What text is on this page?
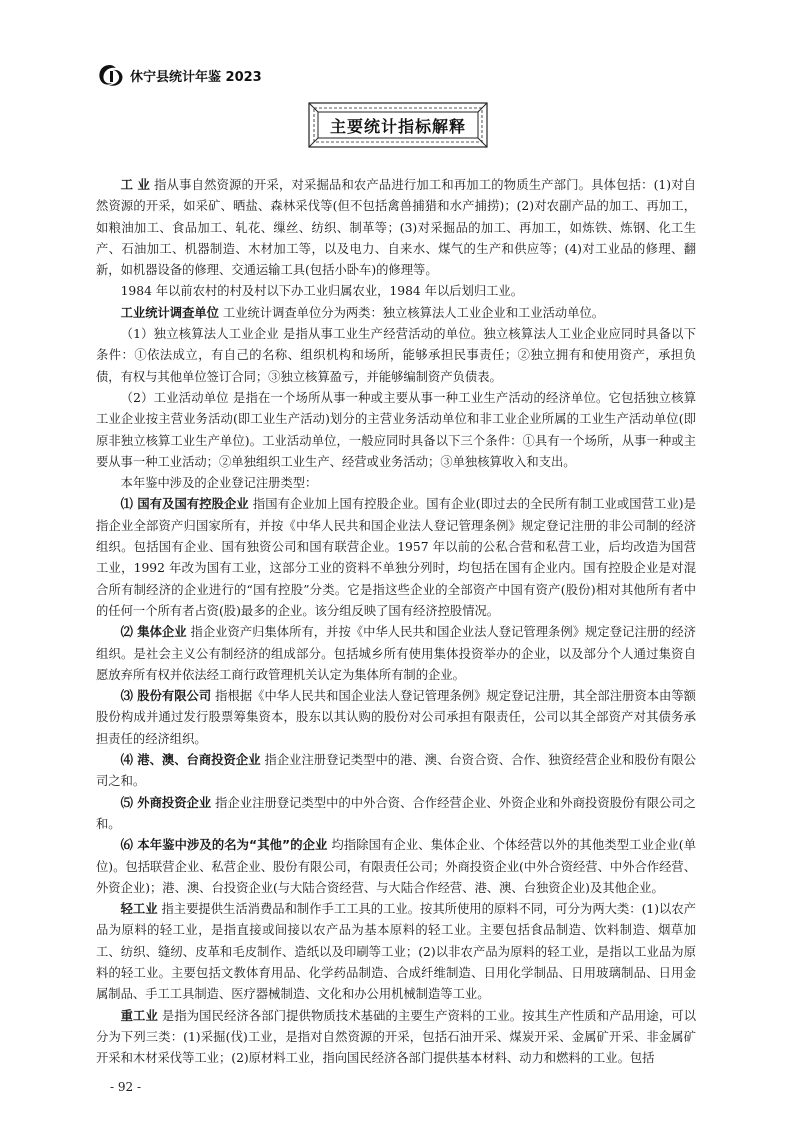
休宁县统计年鉴 2023
主要统计指标解释

工 业 指从事自然资源的开采，对采掘品和农产品进行加工和再加工的物质生产部门。具体包括：(1)对自然资源的开采，如采矿、晒盐、森林采伐等(但不包括禽兽捕猎和水产捕捞)；(2)对农副产品的加工、再加工，如粮油加工、食品加工、轧花、缫丝、纺织、制革等；(3)对采掘品的加工、再加工，如炼铁、炼钢、化工生产、石油加工、机器制造、木材加工等，以及电力、自来水、煤气的生产和供应等；(4)对工业品的修理、翻新，如机器设备的修理、交通运输工具(包括小卧车)的修理等。

1984 年以前农村的村及村以下办工业归属农业，1984 年以后划归工业。

工业统计调查单位 工业统计调查单位分为两类：独立核算法人工业企业和工业活动单位。

（1）独立核算法人工业企业 是指从事工业生产经营活动的单位。独立核算法人工业企业应同时具备以下条件：①依法成立，有自己的名称、组织机构和场所，能够承担民事责任；②独立拥有和使用资产，承担负债，有权与其他单位签订合同；③独立核算盈亏，并能够编制资产负债表。

（2）工业活动单位 是指在一个场所从事一种或主要从事一种工业生产活动的经济单位。它包括独立核算工业企业按主营业务活动(即工业生产活动)划分的主营业务活动单位和非工业企业所属的工业生产活动单位(即原非独立核算工业生产单位)。工业活动单位，一般应同时具备以下三个条件：①具有一个场所，从事一种或主要从事一种工业活动；②单独组织工业生产、经营或业务活动；③单独核算收入和支出。

本年鉴中涉及的企业登记注册类型：

⑴ 国有及国有控股企业 指国有企业加上国有控股企业。国有企业(即过去的全民所有制工业或国营工业)是指企业全部资产归国家所有，并按《中华人民共和国企业法人登记管理条例》规定登记注册的非公司制的经济组织。包括国有企业、国有独资公司和国有联营企业。1957 年以前的公私合营和私营工业，后均改造为国营工业，1992 年改为国有工业，这部分工业的资料不单独分列时，均包括在国有企业内。国有控股企业是对混合所有制经济的企业进行的“国有控股”分类。它是指这些企业的全部资产中国有资产(股份)相对其他所有者中的任何一个所有者占资(股)最多的企业。该分组反映了国有经济控股情况。

⑵ 集体企业 指企业资产归集体所有，并按《中华人民共和国企业法人登记管理条例》规定登记注册的经济组织。是社会主义公有制经济的组成部分。包括城乡所有使用集体投资举办的企业，以及部分个人通过集资自愿放弃所有权并依法经工商行政管理机关认定为集体所有制的企业。

⑶ 股份有限公司 指根据《中华人民共和国企业法人登记管理条例》规定登记注册，其全部注册资本由等额股份构成并通过发行股票筹集资本，股东以其认购的股份对公司承担有限责任，公司以其全部资产对其债务承担责任的经济组织。

⑷ 港、澳、台商投资企业 指企业注册登记类型中的港、澳、台资合资、合作、独资经营企业和股份有限公司之和。

⑸ 外商投资企业 指企业注册登记类型中的中外合资、合作经营企业、外资企业和外商投资股份有限公司之和。

⑹ 本年鉴中涉及的名为“其他”的企业 均指除国有企业、集体企业、个体经营以外的其他类型工业企业(单位)。包括联营企业、私营企业、股份有限公司，有限责任公司；外商投资企业(中外合资经营、中外合作经营、外资企业)；港、澳、台投资企业(与大陆合资经营、与大陆合作经营、港、澳、台独资企业)及其他企业。

轻工业 指主要提供生活消费品和制作手工工具的工业。按其所使用的原料不同，可分为两大类：(1)以农产品为原料的轻工业，是指直接或间接以农产品为基本原料的轻工业。主要包括食品制造、饮料制造、烟草加工、纺织、缝纫、皮革和毛皮制作、造纸以及印刷等工业；(2)以非农产品为原料的轻工业，是指以工业品为原料的轻工业。主要包括文教体育用品、化学药品制造、合成纤维制造、日用化学制品、日用玻璃制品、日用金属制品、手工工具制造、医疗器械制造、文化和办公用机械制造等工业。

重工业 是指为国民经济各部门提供物质技术基础的主要生产资料的工业。按其生产性质和产品用途，可以分为下列三类：(1)采掘(伐)工业，是指对自然资源的开采，包括石油开采、煤炭开采、金属矿开采、非金属矿开采和木材采伐等工业；(2)原材料工业，指向国民经济各部门提供基本材料、动力和燃料的工业。包括

- 92 -
